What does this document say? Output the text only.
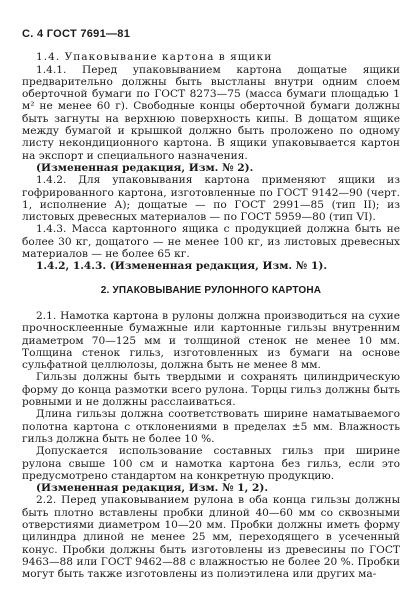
С. 4 ГОСТ 7691—81

1.4. Упаковывание картона в ящики

1.4.1. Перед упаковыванием картона дощатые ящики предварительно должны быть выстланы внутри одним слоем оберточной бумаги по ГОСТ 8273—75 (масса бумаги площадью 1 м² не менее 60 г). Свободные концы оберточной бумаги должны быть загнуты на верхнюю поверхность кипы. В дощатом ящике между бумагой и крышкой должно быть проложено по одному листу некондиционного картона. В ящики упаковывается картон на экспорт и специального назначения.

(Измененная редакция, Изм. № 2).

1.4.2. Для упаковывания картона применяют ящики из гофрированного картона, изготовленные по ГОСТ 9142—90 (черт. 1, исполнение А); дощатые — по ГОСТ 2991—85 (тип II); из листовых древесных материалов — по ГОСТ 5959—80 (тип VI).

1.4.3. Масса картонного ящика с продукцией должна быть не более 30 кг, дощатого — не менее 100 кг, из листовых древесных материалов — не более 65 кг.

1.4.2, 1.4.3. (Измененная редакция, Изм. № 1).

2. УПАКОВЫВАНИЕ РУЛОННОГО КАРТОНА

2.1. Намотка картона в рулоны должна производиться на сухие прочносклеенные бумажные или картонные гильзы внутренним диаметром 70—125 мм и толщиной стенок не менее 10 мм. Толщина стенок гильз, изготовленных из бумаги на основе сульфатной целлюлозы, должна быть не менее 8 мм.

Гильзы должны быть твердыми и сохранять цилиндрическую форму до конца размотки всего рулона. Торцы гильз должны быть ровными и не должны расслаиваться.

Длина гильзы должна соответствовать ширине наматываемого полотна картона с отклонениями в пределах ±5 мм. Влажность гильз должна быть не более 10 %.

Допускается использование составных гильз при ширине рулона свыше 100 см и намотка картона без гильз, если это предусмотрено стандартом на конкретную продукцию.

(Измененная редакция, Изм. № 1, 2).

2.2. Перед упаковыванием рулона в оба конца гильзы должны быть плотно вставлены пробки длиной 40—60 мм со сквозными отверстиями диаметром 10—20 мм. Пробки должны иметь форму цилиндра длиной не менее 25 мм, переходящего в усеченный конус. Пробки должны быть изготовлены из древесины по ГОСТ 9463—88 или ГОСТ 9462—88 с влажностью не более 20 %. Пробки могут быть также изготовлены из полиэтилена или других ма-
